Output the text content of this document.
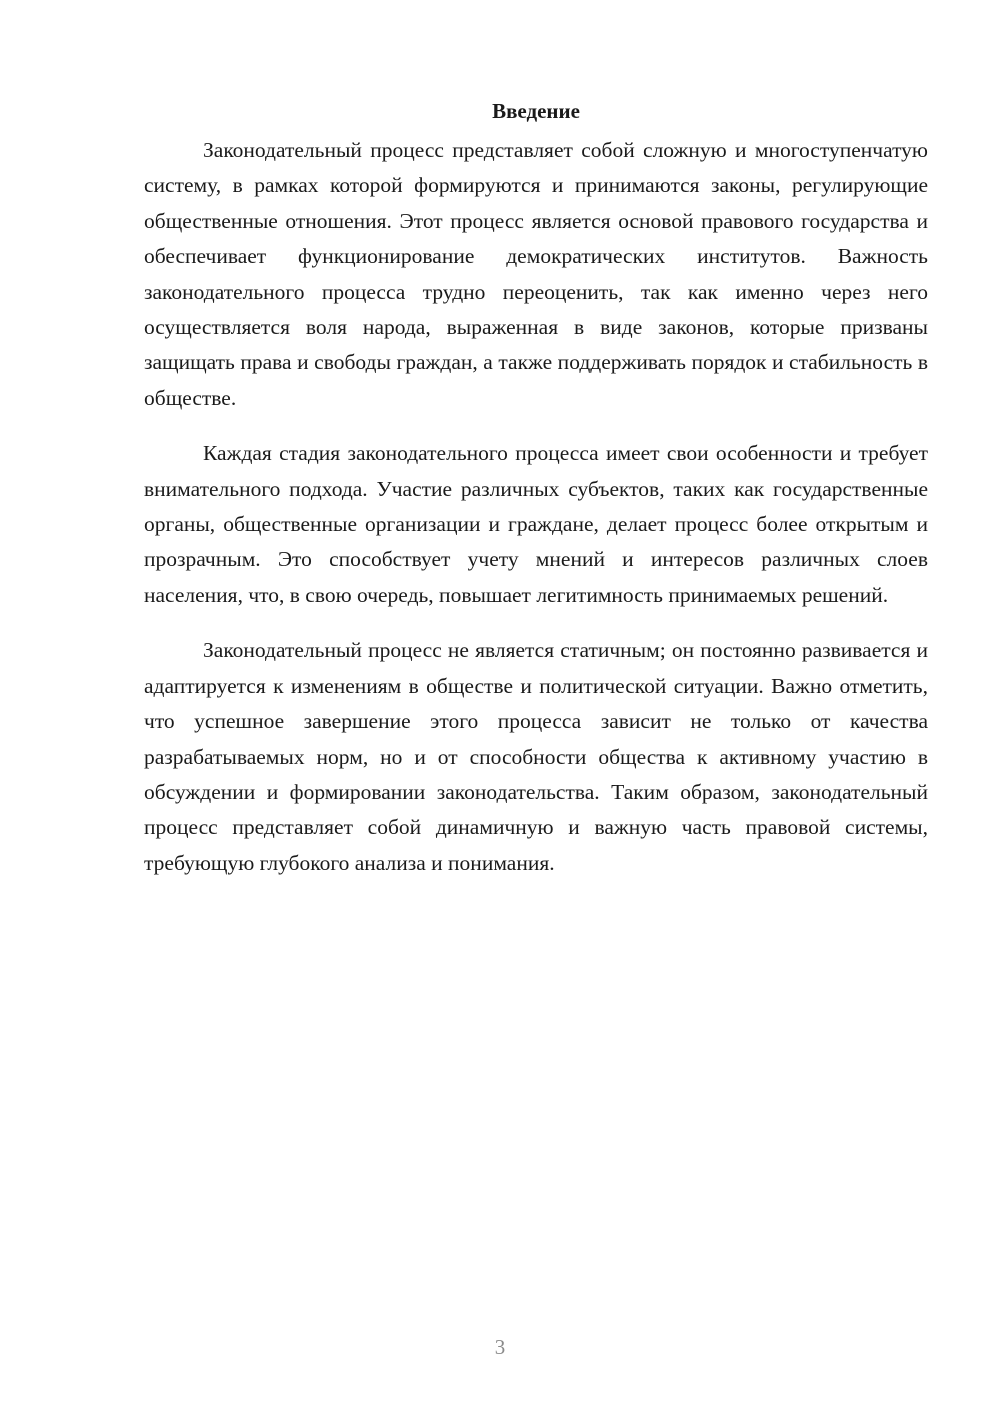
Введение

Законодательный процесс представляет собой сложную и многоступенчатую систему, в рамках которой формируются и принимаются законы, регулирующие общественные отношения. Этот процесс является основой правового государства и обеспечивает функционирование демократических институтов. Важность законодательного процесса трудно переоценить, так как именно через него осуществляется воля народа, выраженная в виде законов, которые призваны защищать права и свободы граждан, а также поддерживать порядок и стабильность в обществе.

Каждая стадия законодательного процесса имеет свои особенности и требует внимательного подхода. Участие различных субъектов, таких как государственные органы, общественные организации и граждане, делает процесс более открытым и прозрачным. Это способствует учету мнений и интересов различных слоев населения, что, в свою очередь, повышает легитимность принимаемых решений.

Законодательный процесс не является статичным; он постоянно развивается и адаптируется к изменениям в обществе и политической ситуации. Важно отметить, что успешное завершение этого процесса зависит не только от качества разрабатываемых норм, но и от способности общества к активному участию в обсуждении и формировании законодательства. Таким образом, законодательный процесс представляет собой динамичную и важную часть правовой системы, требующую глубокого анализа и понимания.

3
